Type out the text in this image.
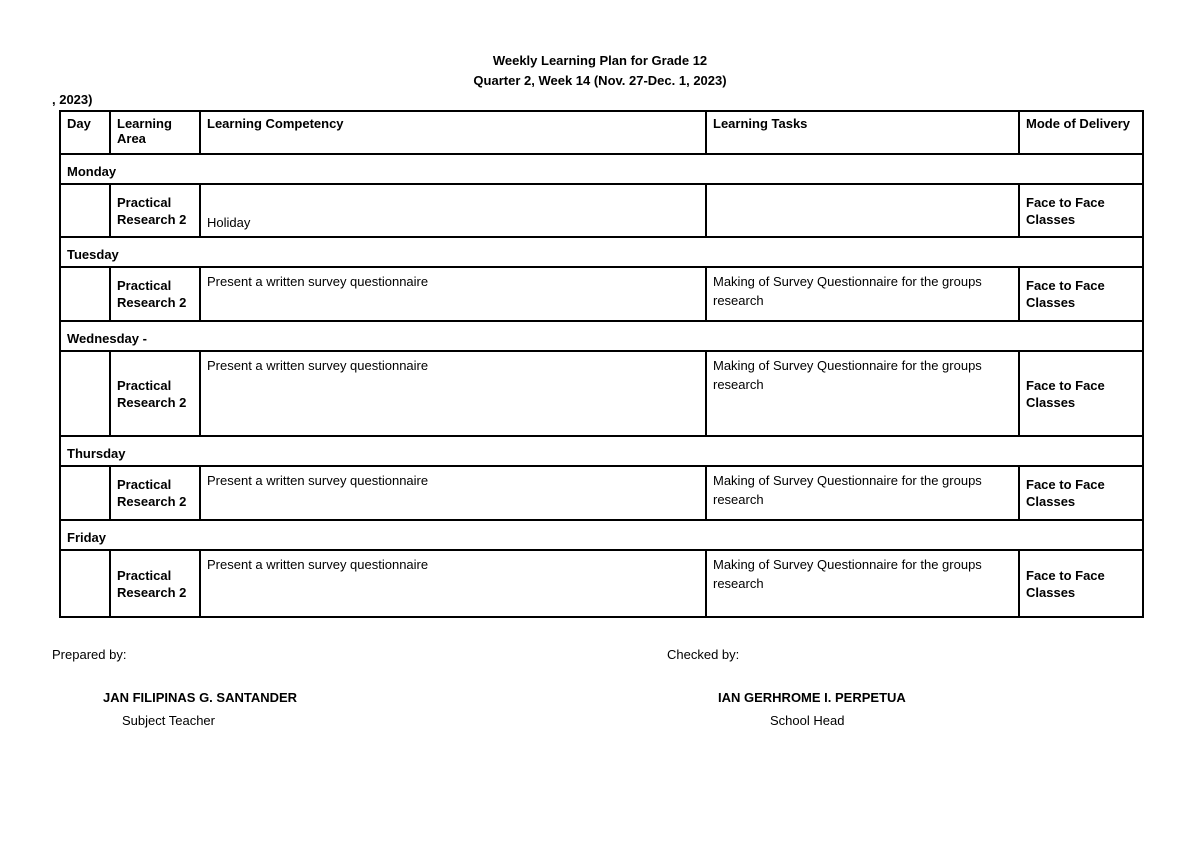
Weekly Learning Plan for Grade 12
Quarter 2, Week 14 (Nov. 27-Dec. 1, 2023)
, 2023)
Day	Learning Area	Learning Competency	Learning Tasks	Mode of Delivery
Monday				
	Practical Research 2	Holiday		Face to Face Classes
Tuesday				
	Practical Research 2	Present a written survey questionnaire	Making of Survey Questionnaire for the groups research	Face to Face Classes
Wednesday -				
	Practical Research 2	Present a written survey questionnaire	Making of Survey Questionnaire for the groups research	Face to Face Classes
Thursday				
	Practical Research 2	Present a written survey questionnaire	Making of Survey Questionnaire for the groups research	Face to Face Classes
Friday				
	Practical Research 2	Present a written survey questionnaire	Making of Survey Questionnaire for the groups research	Face to Face Classes
Prepared by:	Checked by:
JAN FILIPINAS G. SANTANDER	IAN GERHROME I. PERPETUA
Subject Teacher	School Head
